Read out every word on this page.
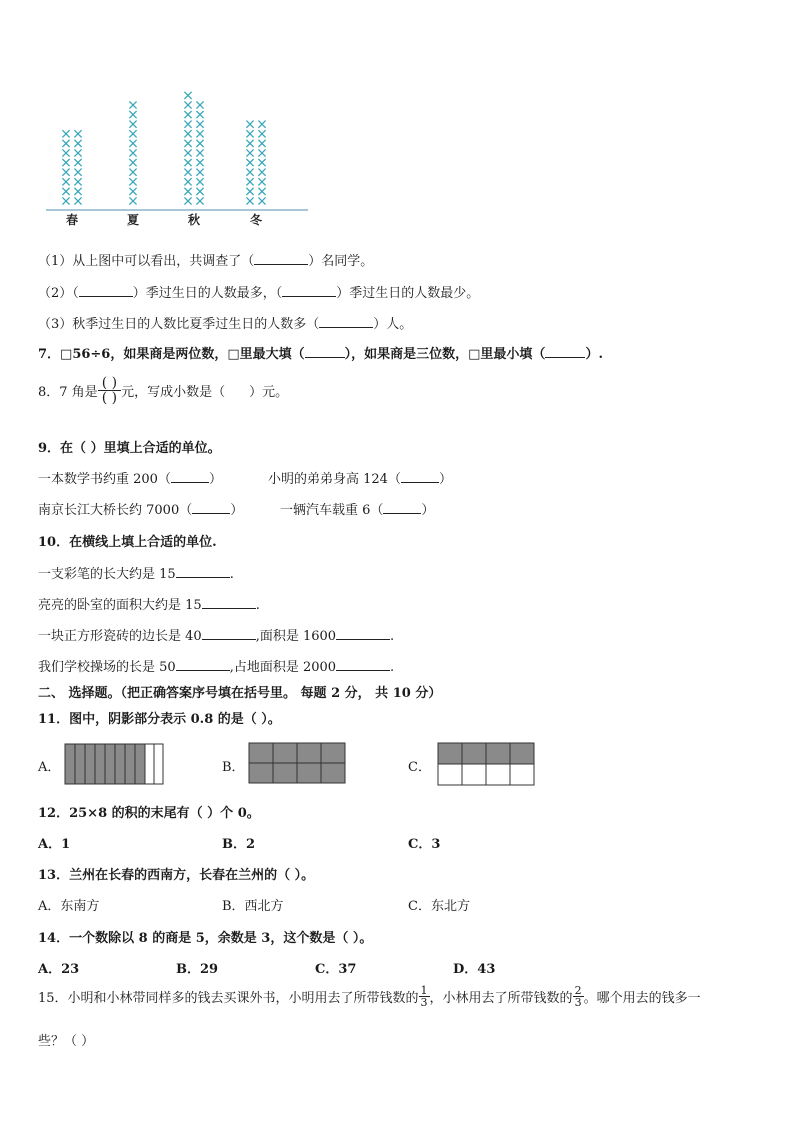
春	夏	秋	冬
（1）从上图中可以看出，共调查了（	）名同学。
（2）（	）季过生日的人数最多，（	）季过生日的人数最少。
（3）秋季过生日的人数比夏季过生日的人数多（	）人。
7．□56÷6，如果商是两位数，□里最大填（	），如果商是三位数，□里最小填（	）.
8．7 角是 $\frac{( )}{( )}$ 元，写成小数是（ ）元。
9．在（ ）里填上合适的单位。
一本数学书约重 200（	）	小明的弟弟身高 124（	）
南京长江大桥长约 7000（	）	一辆汽车载重 6（	）
10．在横线上填上合适的单位.
一支彩笔的长大约是 15	.
亮亮的卧室的面积大约是 15	.
一块正方形瓷砖的边长是 40	,面积是 1600	.
我们学校操场的长是 50	,占地面积是 2000	.
二、 选择题。（把正确答案序号填在括号里。 每题 2 分， 共 10 分）
11．图中，阴影部分表示 0.8 的是（ ）。
A．	B．	C．
12．25×8 的积的末尾有（ ）个 0。
A．1	B．2	C．3
13．兰州在长春的西南方，长春在兰州的（ ）。
A．东南方	B．西北方	C．东北方
14．一个数除以 8 的商是 5，余数是 3，这个数是（ ）。
A．23	B．29	C．37	D．43
15．小明和小林带同样多的钱去买课外书，小明用去了所带钱数的 $\frac{1}{3}$ ，小林用去了所带钱数的 $\frac{2}{3}$ 。哪个用去的钱多一
些？（ ）
